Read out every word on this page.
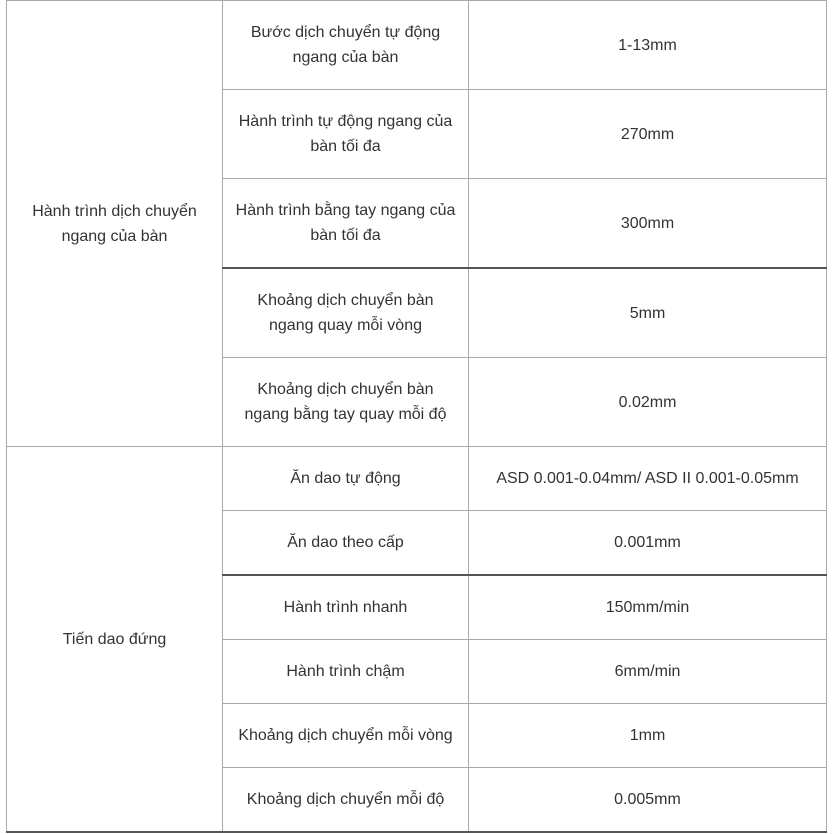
Hành trình dịch chuyển ngang của bàn	Bước dịch chuyển tự động ngang của bàn	1-13mm
	Hành trình tự động ngang của bàn tối đa	270mm
	Hành trình bằng tay ngang của bàn tối đa	300mm
	Khoảng dịch chuyển bàn ngang quay mỗi vòng	5mm
	Khoảng dịch chuyển bàn ngang bằng tay quay mỗi độ	0.02mm
Tiến dao đứng	Ăn dao tự động	ASD 0.001-0.04mm/ ASD II 0.001-0.05mm
	Ăn dao theo cấp	0.001mm
	Hành trình nhanh	150mm/min
	Hành trình chậm	6mm/min
	Khoảng dịch chuyển mỗi vòng	1mm
	Khoảng dịch chuyển mỗi độ	0.005mm
